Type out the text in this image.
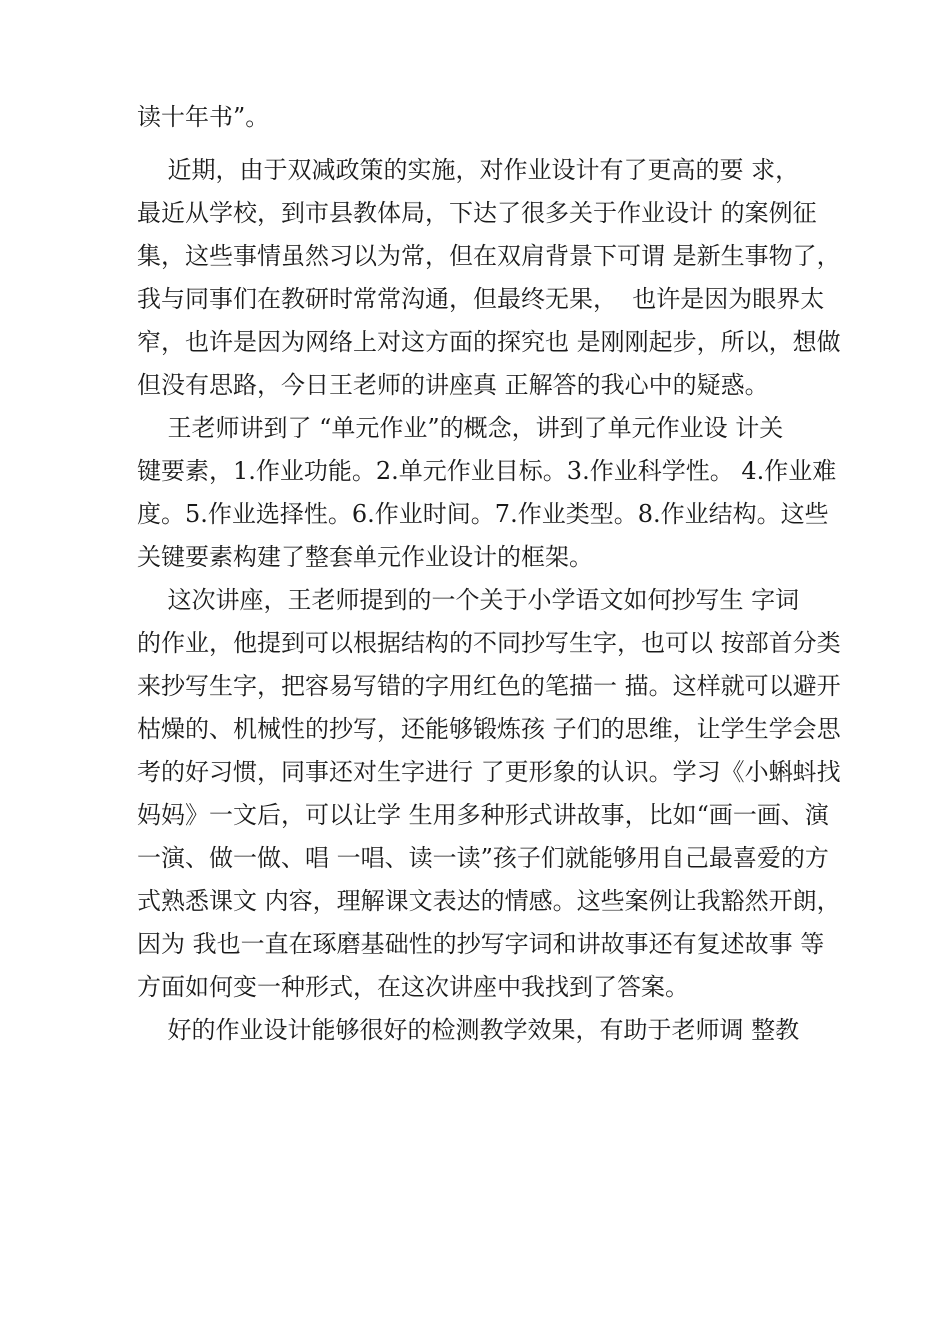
读十年书”。
近期，由于双减政策的实施，对作业设计有了更高的要 求，
最近从学校，到市县教体局，下达了很多关于作业设计 的案例征
集，这些事情虽然习以为常，但在双肩背景下可谓 是新生事物了，
我与同事们在教研时常常沟通，但最终无果，  也许是因为眼界太
窄，也许是因为网络上对这方面的探究也 是刚刚起步，所以，想做
但没有思路，今日王老师的讲座真 正解答的我心中的疑惑。
王老师讲到了 “单元作业”的概念，讲到了单元作业设 计关
键要素，1.作业功能。2.单元作业目标。3.作业科学性。 4.作业难
度。5.作业选择性。6.作业时间。7.作业类型。8.作业结构。这些
关键要素构建了整套单元作业设计的框架。
这次讲座，王老师提到的一个关于小学语文如何抄写生 字词
的作业，他提到可以根据结构的不同抄写生字，也可以 按部首分类
来抄写生字，把容易写错的字用红色的笔描一 描。这样就可以避开
枯燥的、机械性的抄写，还能够锻炼孩 子们的思维，让学生学会思
考的好习惯，同事还对生字进行 了更形象的认识。学习《小蝌蚪找
妈妈》一文后，可以让学 生用多种形式讲故事，比如“画一画、演
一演、做一做、唱 一唱、读一读”孩子们就能够用自己最喜爱的方
式熟悉课文 内容，理解课文表达的情感。这些案例让我豁然开朗，
因为 我也一直在琢磨基础性的抄写字词和讲故事还有复述故事 等
方面如何变一种形式，在这次讲座中我找到了答案。
好的作业设计能够很好的检测教学效果，有助于老师调 整教
